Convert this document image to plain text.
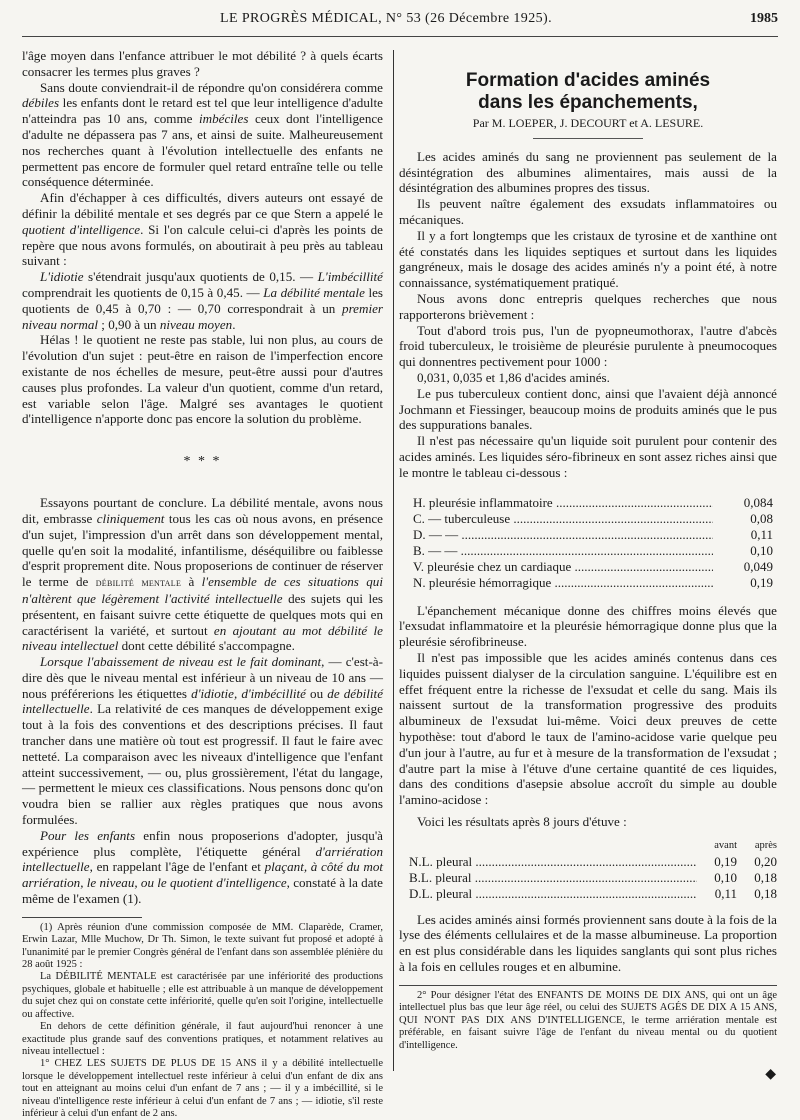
LE PROGRÈS MÉDICAL, N° 53 (26 Décembre 1925).	1985

l'âge moyen dans l'enfance attribuer le mot débilité ? à quels écarts consacrer les termes plus graves ?

Sans doute conviendrait-il de répondre qu'on considérera comme débiles les enfants dont le retard est tel que leur intelligence d'adulte n'atteindra pas 10 ans, comme imbéciles ceux dont l'intelligence d'adulte ne dépassera pas 7 ans, et ainsi de suite. Malheureusement nos recherches quant à l'évolution intellectuelle des enfants ne permettent pas encore de formuler quel retard entraîne telle ou telle conséquence déterminée.

Afin d'échapper à ces difficultés, divers auteurs ont essayé de définir la débilité mentale et ses degrés par ce que Stern a appelé le quotient d'intelligence. Si l'on calcule celui-ci d'après les points de repère que nous avons formulés, on aboutirait à peu près au tableau suivant :

L'idiotie s'étendrait jusqu'aux quotients de 0,15. — L'imbécillité comprendrait les quotients de 0,15 à 0,45. — La débilité mentale les quotients de 0,45 à 0,70 : — 0,70 correspondrait à un premier niveau normal ; 0,90 à un niveau moyen.

Hélas ! le quotient ne reste pas stable, lui non plus, au cours de l'évolution d'un sujet : peut-être en raison de l'imperfection encore existante de nos échelles de mesure, peut-être aussi pour d'autres causes plus profondes. La valeur d'un quotient, comme d'un retard, est variable selon l'âge. Malgré ses avantages le quotient d'intelligence n'apporte donc pas encore la solution du problème.

* * *

Essayons pourtant de conclure. La débilité mentale, avons nous dit, embrasse cliniquement tous les cas où nous avons, en présence d'un sujet, l'impression d'un arrêt dans son développement mental, quelle qu'en soit la modalité, infantilisme, déséquilibre ou faiblesse d'esprit proprement dite. Nous proposerions de continuer de réserver le terme de débilité mentale à l'ensemble de ces situations qui n'altèrent que légèrement l'activité intellectuelle des sujets qui les présentent, en faisant suivre cette étiquette de quelques mots qui en caractérisent la variété, et surtout en ajoutant au mot débilité le niveau intellectuel dont cette débilité s'accompagne.

Lorsque l'abaissement de niveau est le fait dominant, — c'est-à-dire dès que le niveau mental est inférieur à un niveau de 10 ans — nous préférerions les étiquettes d'idiotie, d'imbécillité ou de débilité intellectuelle. La relativité de ces manques de développement exige tout à la fois des conventions et des descriptions précises. Il faut trancher dans une matière où tout est progressif. Il faut le faire avec netteté. La comparaison avec les niveaux d'intelligence que l'enfant atteint successivement, — ou, plus grossièrement, l'état du langage, — permettent le mieux ces classifications. Nous pensons donc qu'on voudra bien se rallier aux règles pratiques que nous avons formulées.

Pour les enfants enfin nous proposerions d'adopter, jusqu'à expérience plus complète, l'étiquette général d'arriération intellectuelle, en rappelant l'âge de l'enfant et plaçant, à côté du mot arriération, le niveau, ou le quotient d'intelligence, constaté à la date même de l'examen (1).

(1) Après réunion d'une commission composée de MM. Claparède, Cramer, Erwin Lazar, Mlle Muchow, Dr Th. Simon, le texte suivant fut proposé et adopté à l'unanimité par le premier Congrès général de l'enfant dans son assemblée plénière du 28 août 1925 :

La DÉBILITÉ MENTALE est caractérisée par une infériorité des productions psychiques, globale et habituelle ; elle est attribuable à un manque de développement du sujet chez qui on constate cette infériorité, quelle qu'en soit l'origine, intellectuelle ou affective.

En dehors de cette définition générale, il faut aujourd'hui renoncer à une exactitude plus grande sauf des conventions pratiques, et notamment relatives au niveau intellectuel :

1° CHEZ LES SUJETS DE PLUS DE 15 ANS il y a débilité intellectuelle lorsque le développement intellectuel reste inférieur à celui d'un enfant de dix ans tout en atteignant au moins celui d'un enfant de 7 ans ; — il y a imbécillité, si le niveau d'intelligence reste inférieur à celui d'un enfant de 7 ans ; — idiotie, s'il reste inférieur à celui d'un enfant de 2 ans.

Formation d'acides aminés
dans les épanchements,
Par M. LOEPER, J. DECOURT et A. LESURE.

Les acides aminés du sang ne proviennent pas seulement de la désintégration des albumines alimentaires, mais aussi de la désintégration des albumines propres des tissus.

Ils peuvent naître également des exsudats inflammatoires ou mécaniques.

Il y a fort longtemps que les cristaux de tyrosine et de xanthine ont été constatés dans les liquides septiques et surtout dans les liquides gangréneux, mais le dosage des acides aminés n'y a point été, à notre connaissance, systématiquement pratiqué.

Nous avons donc entrepris quelques recherches que nous rapporterons brièvement :

Tout d'abord trois pus, l'un de pyopneumothorax, l'autre d'abcès froid tuberculeux, le troisième de pleurésie purulente à pneumocoques qui donnentres pectivement pour 1000 :

0,031, 0,035 et 1,86 d'acides aminés.

Le pus tuberculeux contient donc, ainsi que l'avaient déjà annoncé Jochmann et Fiessinger, beaucoup moins de produits aminés que le pus des suppurations banales.

Il n'est pas nécessaire qu'un liquide soit purulent pour contenir des acides aminés. Les liquides séro-fibrineux en sont assez riches ainsi que le montre le tableau ci-dessous :

H. pleurésie inflammatoire .....	0,084
C. — tuberculeuse .....	0,08
D. — — .....	0,11
B. — — .....	0,10
V. pleurésie chez un cardiaque .....	0,049
N. pleurésie hémorragique .....	0,19

L'épanchement mécanique donne des chiffres moins élevés que l'exsudat inflammatoire et la pleurésie hémorragique donne plus que la pleurésie sérofibrineuse.

Il n'est pas impossible que les acides aminés contenus dans ces liquides puissent dialyser de la circulation sanguine. L'équilibre est en effet fréquent entre la richesse de l'exsudat et celle du sang. Mais ils naissent surtout de la transformation progressive des produits albumineux de l'exsudat lui-même. Voici deux preuves de cette hypothèse: tout d'abord le taux de l'amino-acidose varie quelque peu d'un jour à l'autre, au fur et à mesure de la transformation de l'exsudat ; d'autre part la mise à l'étuve d'une certaine quantité de ces liquides, dans des conditions d'asepsie absolue accroît du simple au double l'amino-acidose :

Voici les résultats après 8 jours d'étuve :

avant	après
N.L. pleural .....	0,19	0,20
B.L. pleural .....	0,10	0,18
D.L. pleural .....	0,11	0,18

Les acides aminés ainsi formés proviennent sans doute à la fois de la lyse des éléments cellulaires et de la masse albumineuse. La proportion en est plus considérable dans les liquides sanglants qui sont plus riches à la fois en cellules rouges et en albumine.

2° Pour désigner l'état des ENFANTS DE MOINS DE DIX ANS, qui ont un âge intellectuel plus bas que leur âge réel, ou celui des SUJETS AGÉS DE DIX A 15 ANS, QUI N'ONT PAS DIX ANS D'INTELLIGENCE, le terme arriération mentale est préférable, en faisant suivre l'âge de l'enfant du niveau mental ou du quotient d'intelligence.

◆
